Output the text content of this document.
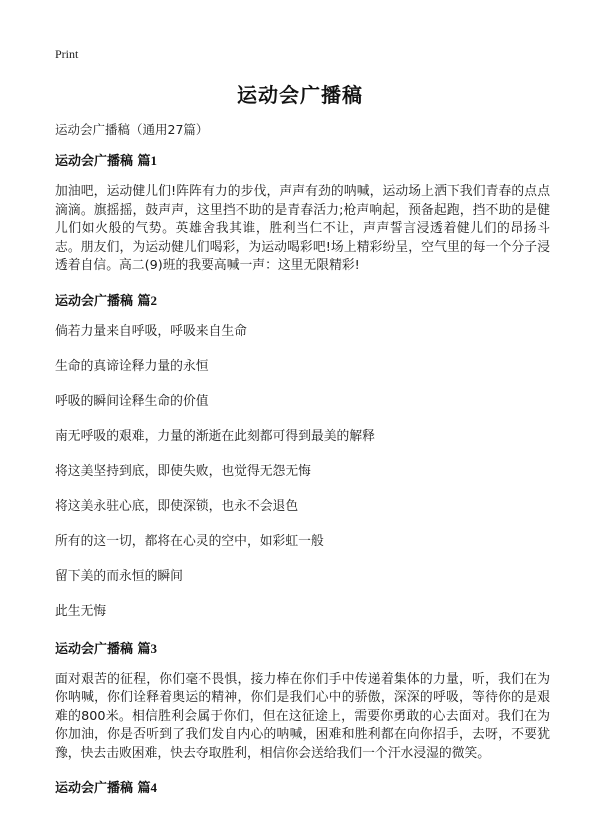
Print
运动会广播稿
运动会广播稿（通用27篇）
运动会广播稿 篇1

加油吧，运动健儿们!阵阵有力的步伐，声声有劲的呐喊，运动场上洒下我们青春的点点滴滴。旗摇摇，鼓声声，这里挡不助的是青春活力;枪声响起，预备起跑，挡不助的是健儿们如火般的气势。英雄舍我其谁，胜利当仁不让，声声誓言浸透着健儿们的昂扬斗志。朋友们，为运动健儿们喝彩，为运动喝彩吧!场上精彩纷呈，空气里的每一个分子浸透着自信。高二(9)班的我要高喊一声：这里无限精彩!

运动会广播稿 篇2

倘若力量来自呼吸，呼吸来自生命

生命的真谛诠释力量的永恒

呼吸的瞬间诠释生命的价值

南无呼吸的艰难，力量的渐逝在此刻都可得到最美的解释

将这美坚持到底，即使失败，也觉得无怨无悔

将这美永驻心底，即使深锁，也永不会退色

所有的这一切，都将在心灵的空中，如彩虹一般

留下美的而永恒的瞬间

此生无悔

运动会广播稿 篇3

面对艰苦的征程，你们毫不畏惧，接力棒在你们手中传递着集体的力量，听，我们在为你呐喊，你们诠释着奥运的精神，你们是我们心中的骄傲，深深的呼吸，等待你的是艰难的800米。相信胜利会属于你们，但在这征途上，需要你勇敢的心去面对。我们在为你加油，你是否听到了我们发自内心的呐喊，困难和胜利都在向你招手，去呀，不要犹豫，快去击败困难，快去夺取胜利，相信你会送给我们一个汗水浸湿的微笑。

运动会广播稿 篇4
